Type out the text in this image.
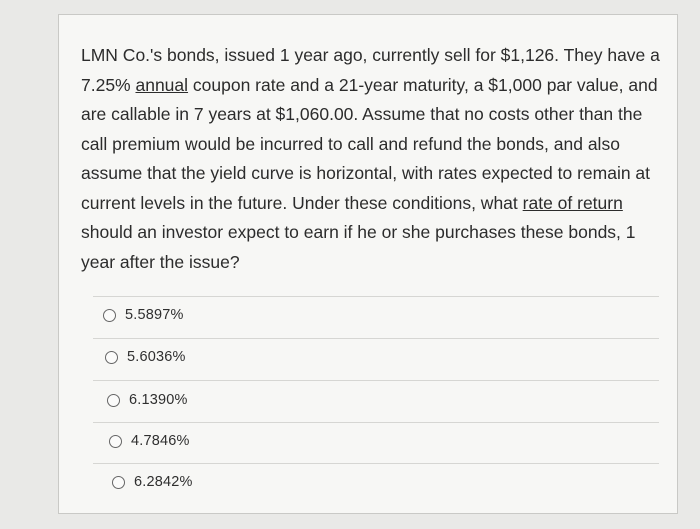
LMN Co.'s bonds, issued 1 year ago, currently sell for $1,126. They have a 7.25% annual coupon rate and a 21-year maturity, a $1,000 par value, and are callable in 7 years at $1,060.00. Assume that no costs other than the call premium would be incurred to call and refund the bonds, and also assume that the yield curve is horizontal, with rates expected to remain at current levels in the future. Under these conditions, what rate of return should an investor expect to earn if he or she purchases these bonds, 1 year after the issue?
5.5897%
5.6036%
6.1390%
4.7846%
6.2842%
